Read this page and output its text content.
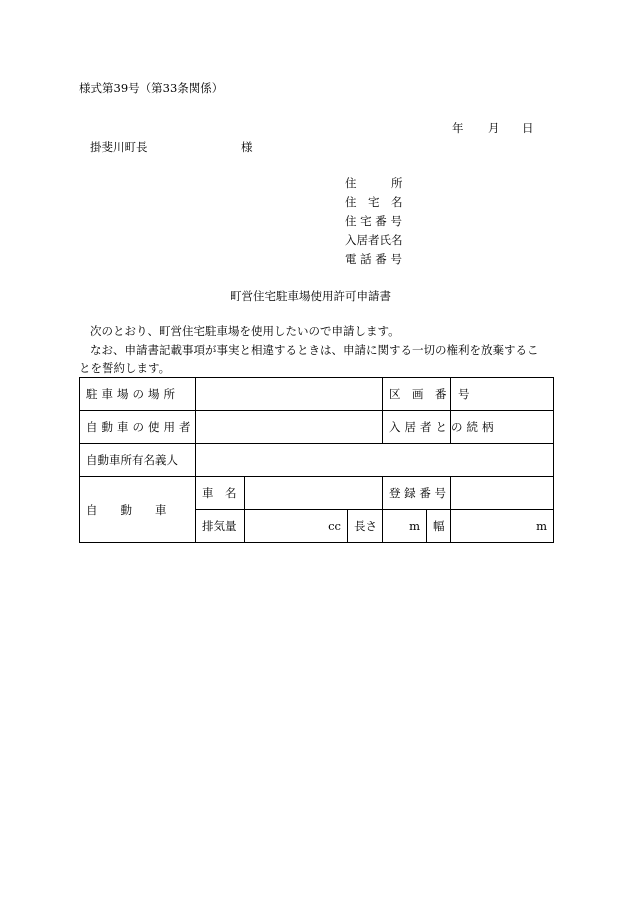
様式第39号（第33条関係）
年 月 日
掛斐川町長	様
住　　　所
住　宅　名
住 宅 番 号
入居者氏名
電 話 番 号
町営住宅駐車場使用許可申請書
次のとおり、町営住宅駐車場を使用したいので申請します。
なお、申請書記載事項が事実と相違するときは、申請に関する一切の権利を放棄するこ
とを誓約します。
駐車場の場所				区　画　番　号		
自動車の使用者				入居者との続柄		
自動車所有名義人						
自　　動　　車	車　名			登 録 番 号		
	排気量	cc	長さ	m	幅	m
